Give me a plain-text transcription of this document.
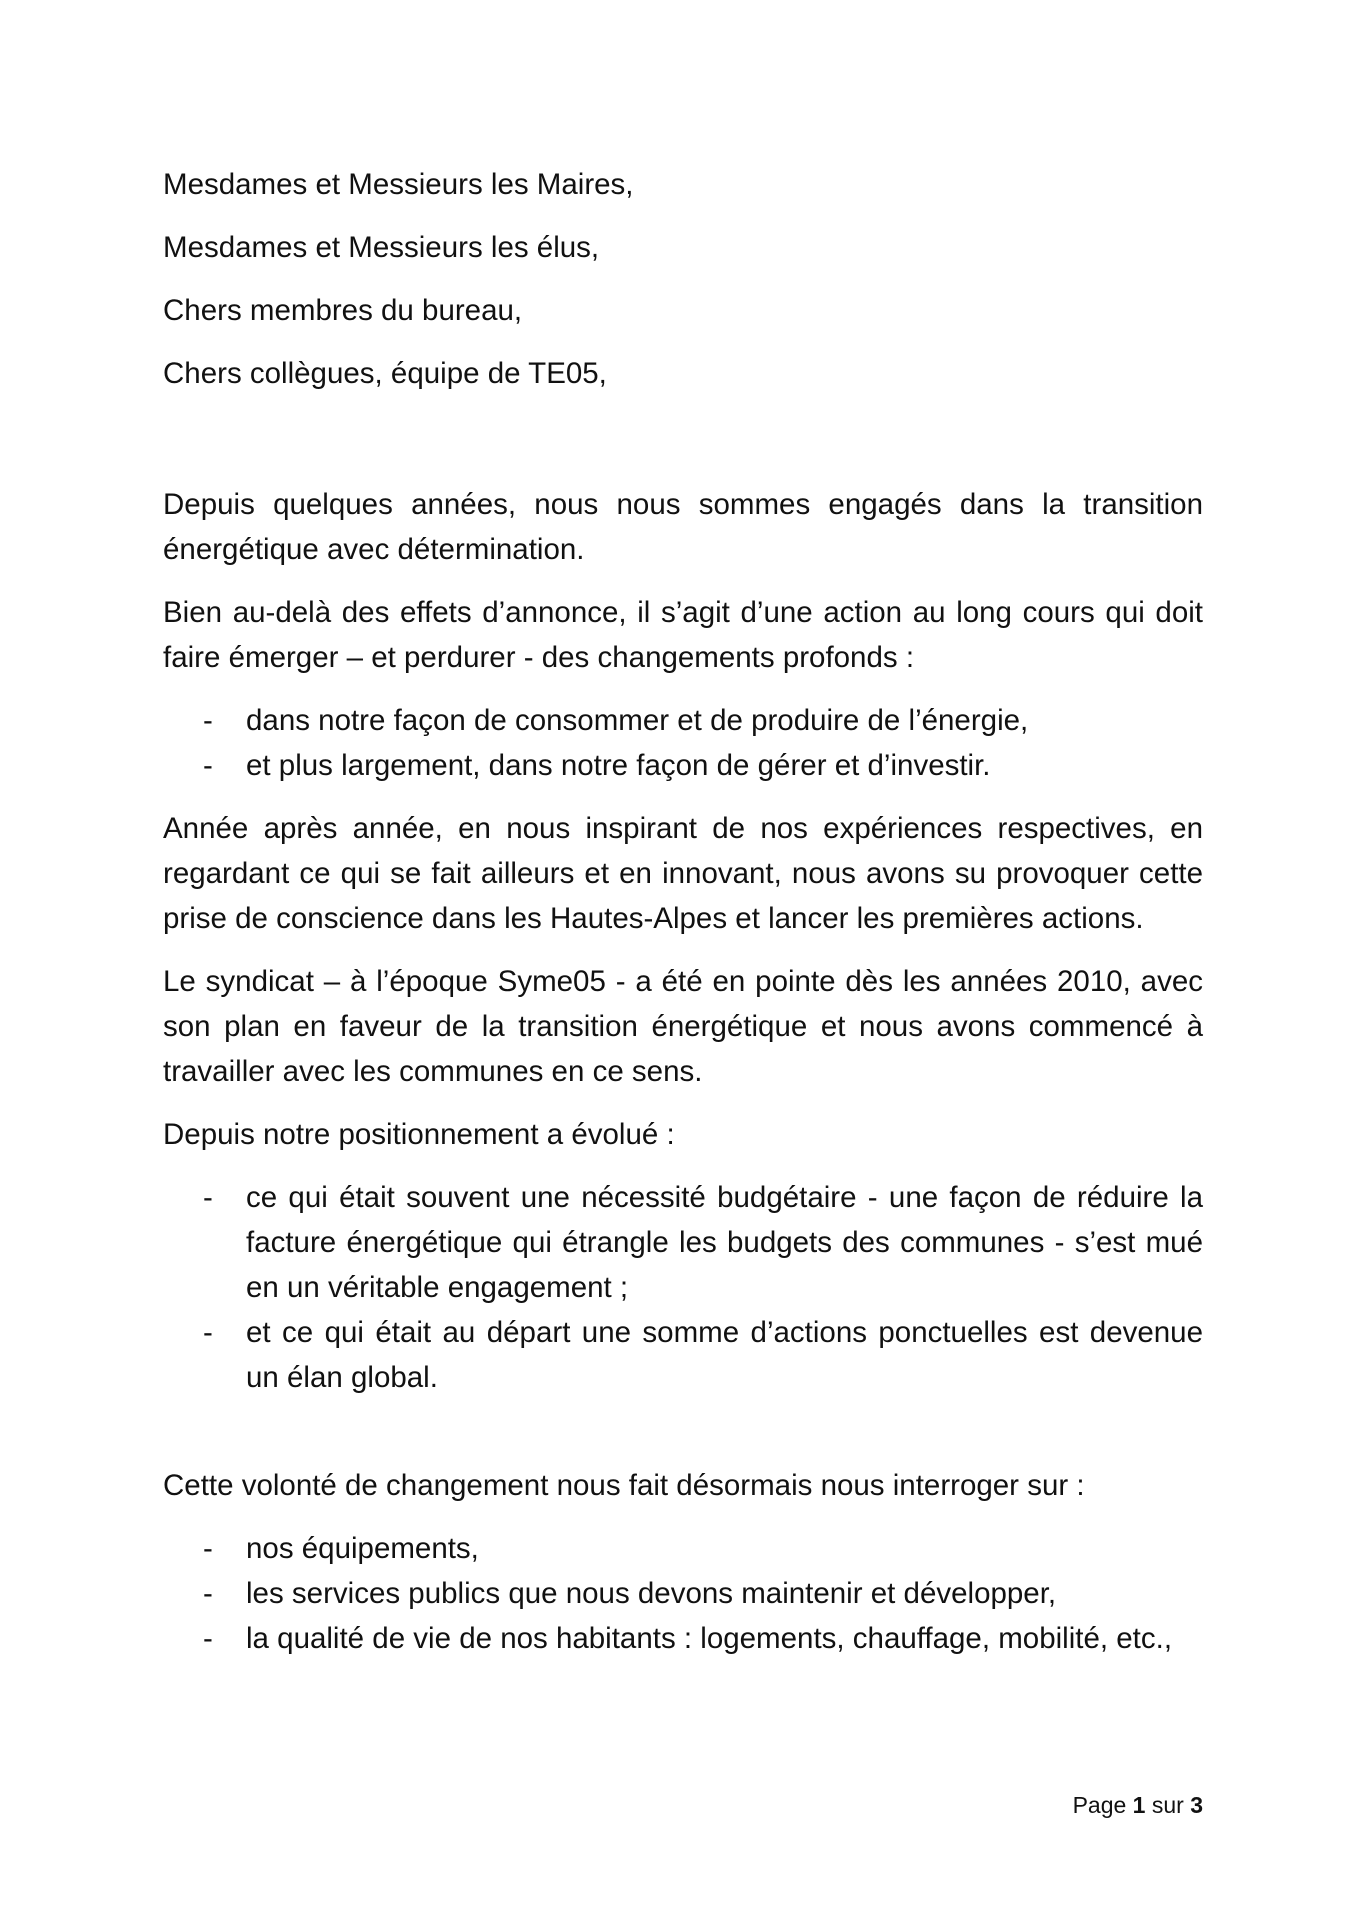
Mesdames et Messieurs les Maires,
Mesdames et Messieurs les élus,
Chers membres du bureau,
Chers collègues, équipe de TE05,

Depuis quelques années, nous nous sommes engagés dans la transition énergétique avec détermination.

Bien au-delà des effets d’annonce, il s’agit d’une action au long cours qui doit faire émerger – et perdurer - des changements profonds :

- dans notre façon de consommer et de produire de l’énergie,
- et plus largement, dans notre façon de gérer et d’investir.

Année après année, en nous inspirant de nos expériences respectives, en regardant ce qui se fait ailleurs et en innovant, nous avons su provoquer cette prise de conscience dans les Hautes-Alpes et lancer les premières actions.

Le syndicat – à l’époque Syme05 - a été en pointe dès les années 2010, avec son plan en faveur de la transition énergétique et nous avons commencé à travailler avec les communes en ce sens.

Depuis notre positionnement a évolué :

- ce qui était souvent une nécessité budgétaire - une façon de réduire la facture énergétique qui étrangle les budgets des communes - s’est mué en un véritable engagement ;
- et ce qui était au départ une somme d’actions ponctuelles est devenue un élan global.

Cette volonté de changement nous fait désormais nous interroger sur :

- nos équipements,
- les services publics que nous devons maintenir et développer,
- la qualité de vie de nos habitants : logements, chauffage, mobilité, etc.,
Page 1 sur 3
